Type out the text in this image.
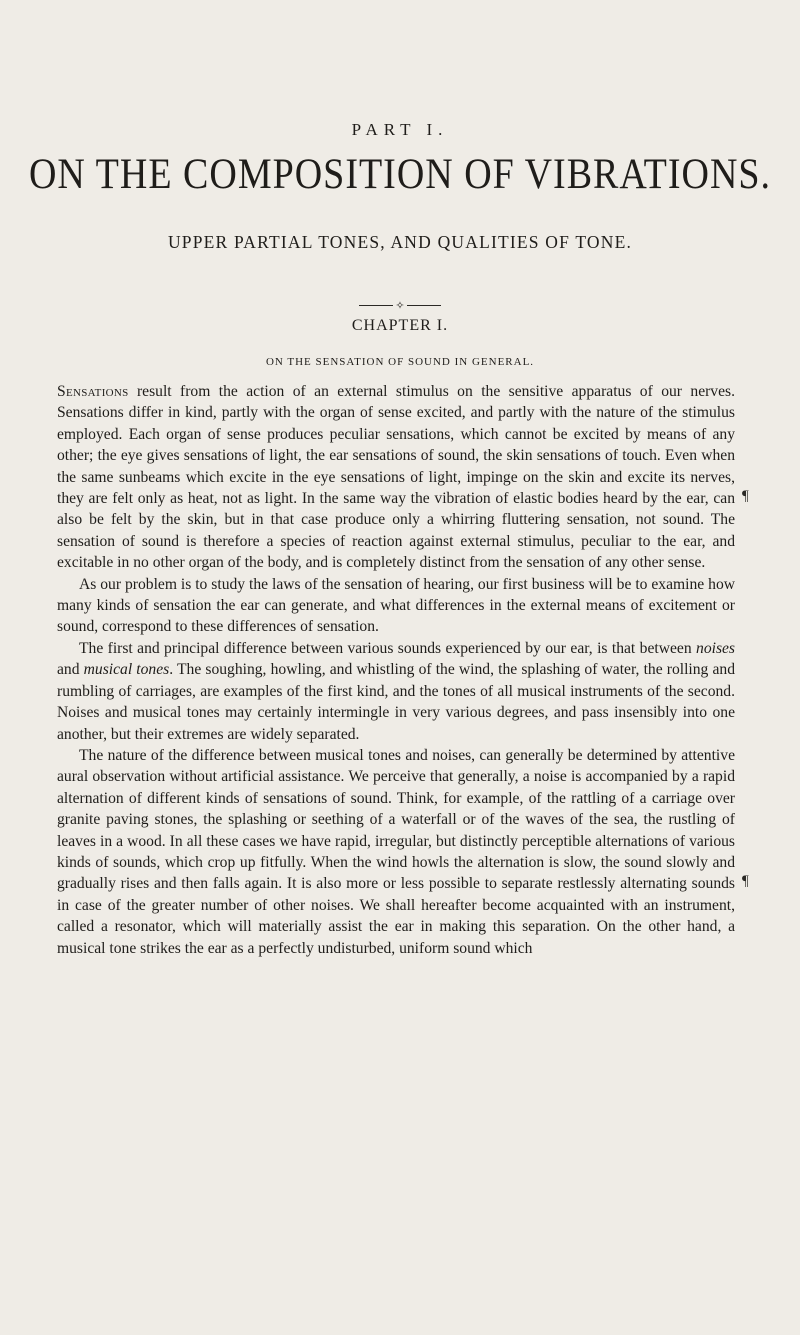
PART I.
ON THE COMPOSITION OF VIBRATIONS.
UPPER PARTIAL TONES, AND QUALITIES OF TONE.
✧
CHAPTER I.
ON THE SENSATION OF SOUND IN GENERAL.

Sensations result from the action of an external stimulus on the sensitive apparatus of our nerves. Sensations differ in kind, partly with the organ of sense excited, and partly with the nature of the stimulus employed. Each organ of sense produces peculiar sensations, which cannot be excited by means of any other; the eye gives sensations of light, the ear sensations of sound, the skin sensations of touch. Even when the same sunbeams which excite in the eye sensations of light, impinge on the skin and excite its nerves, they are felt only as heat, not as light. In the same way the vibration of elastic bodies heard by the ear, can also be felt by the skin, but in that case produce only a whirring fluttering sensation, not sound. The sensation of sound is therefore a species of reaction against external stimulus, peculiar to the ear, and excitable in no other organ of the body, and is completely distinct from the sensation of any other sense.

As our problem is to study the laws of the sensation of hearing, our first business will be to examine how many kinds of sensation the ear can generate, and what differences in the external means of excitement or sound, correspond to these differences of sensation.

The first and principal difference between various sounds experienced by our ear, is that between noises and musical tones. The soughing, howling, and whistling of the wind, the splashing of water, the rolling and rumbling of carriages, are examples of the first kind, and the tones of all musical instruments of the second. Noises and musical tones may certainly intermingle in very various degrees, and pass insensibly into one another, but their extremes are widely separated.

The nature of the difference between musical tones and noises, can generally be determined by attentive aural observation without artificial assistance. We perceive that generally, a noise is accompanied by a rapid alternation of different kinds of sensations of sound. Think, for example, of the rattling of a carriage over granite paving stones, the splashing or seething of a waterfall or of the waves of the sea, the rustling of leaves in a wood. In all these cases we have rapid, irregular, but distinctly perceptible alternations of various kinds of sounds, which crop up fitfully. When the wind howls the alternation is slow, the sound slowly and gradually rises and then falls again. It is also more or less possible to separate restlessly alternating sounds in case of the greater number of other noises. We shall hereafter become acquainted with an instrument, called a resonator, which will materially assist the ear in making this separation. On the other hand, a musical tone strikes the ear as a perfectly undisturbed, uniform sound which

¶
¶
